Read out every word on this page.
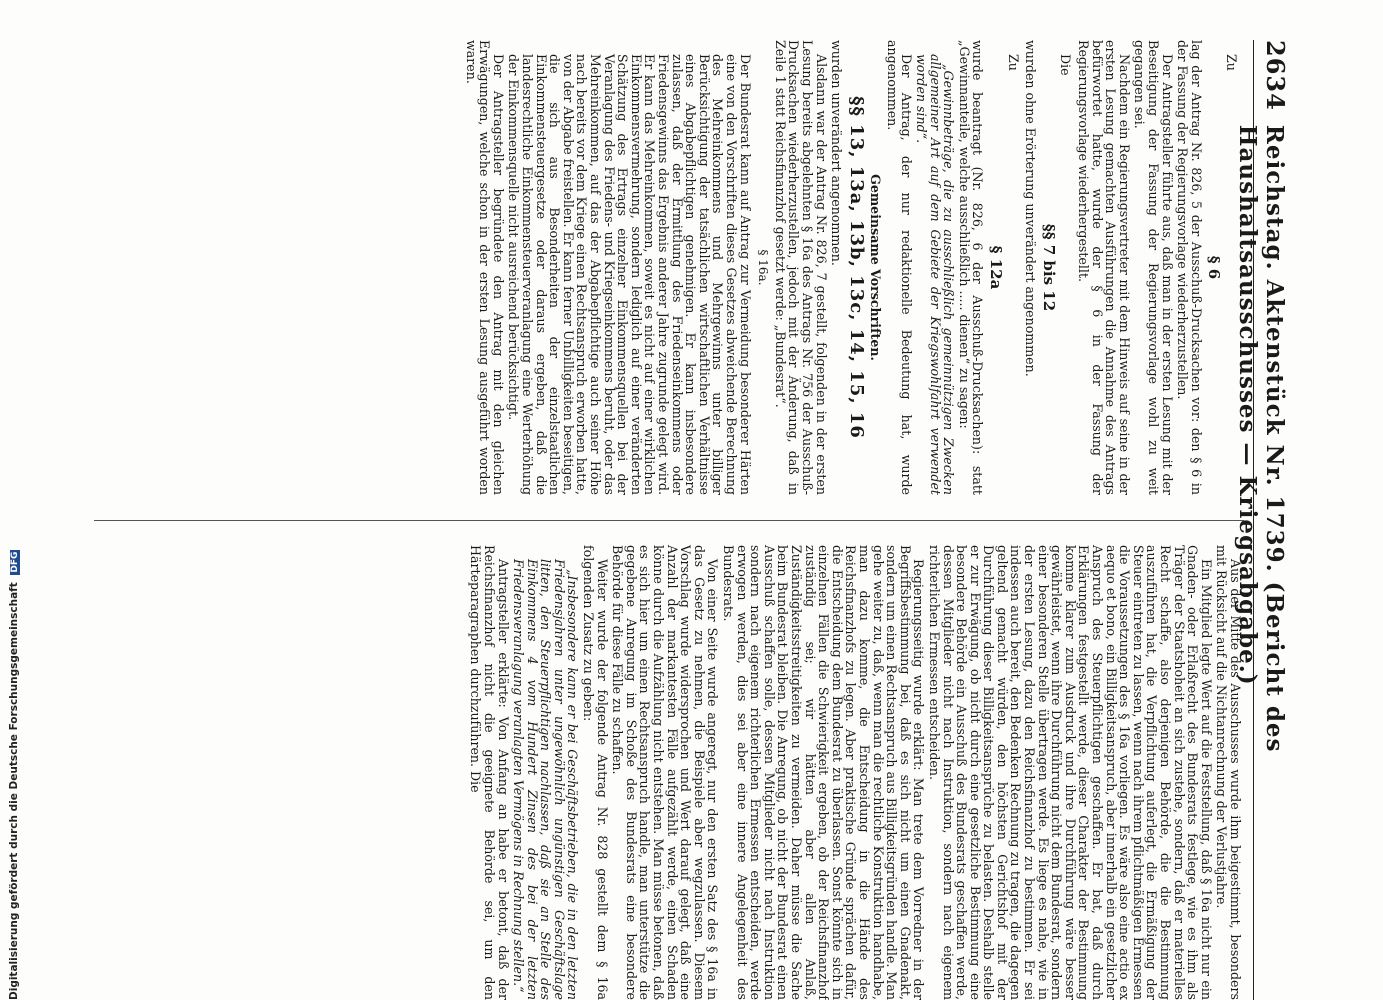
2634
Reichstag. Aktenstück Nr. 1739. (Bericht des Haushaltsausschusses — Kriegsabgabe.)
Zu
§ 6

lag der Antrag Nr. 826, 5 der Ausschuß-Drucksachen vor: den § 6 in der Fassung der Regierungsvorlage wiederherzustellen.

Der Antragsteller führte aus, daß man in der ersten Lesung mit der Beseitigung der Fassung der Regierungsvorlage wohl zu weit gegangen sei.

Nachdem ein Regierungsvertreter mit dem Hinweis auf seine in der ersten Lesung gemachten Ausführungen die Annahme des Antrags befürwortet hatte, wurde der § 6 in der Fassung der Regierungsvorlage wiederhergestellt.

Die
§§ 7 bis 12

wurden ohne Erörterung unverändert angenommen.

Zu
§ 12a

wurde beantragt (Nr. 826, 6 der Ausschuß-Drucksachen): statt „Gewinnanteile, welche ausschließlich ..... dienen“ zu sagen:

„Gewinnbeträge, die zu ausschließlich gemeinnützigen Zwecken allgemeiner Art auf dem Gebiete der Kriegswohlfahrt verwendet worden sind“.

Der Antrag, der nur redaktionelle Bedeutung hat, wurde angenommen.

Gemeinsame Vorschriften.
§§ 13, 13a, 13b, 13c, 14, 15, 16

wurden unverändert angenommen.

Alsdann war der Antrag Nr. 826, 7 gestellt, folgenden in der ersten Lesung bereits abgelehnten § 16a des Antrags Nr. 756 der Ausschuß-Drucksachen wiederherzustellen, jedoch mit der Änderung, daß in Zeile 1 statt Reichsfinanzhof gesetzt werde: „Bundesrat“.

§ 16a.

Der Bundesrat kann auf Antrag zur Vermeidung besonderer Härten eine von den Vorschriften dieses Gesetzes abweichende Berechnung des Mehreinkommens und Mehrgewinns unter billiger Berücksichtigung der tatsächlichen wirtschaftlichen Verhältnisse eines Abgabepflichtigen genehmigen. Er kann insbesondere zulassen, daß der Ermittlung des Friedenseinkommens oder Friedensgewinns das Ergebnis anderer Jahre zugrunde gelegt wird. Er kann das Mehreinkommen, soweit es nicht auf einer wirklichen Einkommensvermehrung, sondern lediglich auf einer veränderten Schätzung des Ertrags einzelner Einkommensquellen bei der Veranlagung des Friedens- und Kriegseinkommens beruht, oder das Mehreinkommen, auf das der Abgabepflichtige auch seiner Höhe nach bereits vor dem Kriege einen Rechtsanspruch erworben hatte, von der Abgabe freistellen. Er kann ferner Unbilligkeiten beseitigen, die sich aus Besonderheiten der einzelstaatlichen Einkommensteuergesetze oder daraus ergeben, daß die landesrechtliche Einkommensteuerveranlagung eine Werterhöhung der Einkommensquelle nicht ausreichend berücksichtigt.

Der Antragsteller begründete den Antrag mit den gleichen Erwägungen, welche schon in der ersten Lesung ausgeführt worden waren.

Aus der Mitte des Ausschusses wurde ihm beigestimmt, besonders mit Rücksicht auf die Nichtanrechnung der Verlustjahre.

Ein Mitglied legte Wert auf die Feststellung, daß § 16a nicht nur ein Gnaden- oder Erlaßrecht des Bundesrats festlege, wie es ihm als Träger der Staatshoheit an sich zustehe, sondern, daß er materielles Recht schaffe, also derjenigen Behörde, die die Bestimmung auszuführen hat, die Verpflichtung auferlegt, die Ermäßigung der Steuer eintreten zu lassen, wenn nach ihrem pflichtmäßigen Ermessen die Voraussetzungen des § 16a vorliegen. Es wäre also eine actio ex aequo et bono, ein Billigkeitsanspruch, aber innerhalb ein gesetzlicher Anspruch des Steuerpflichtigen geschaffen. Er bat, daß durch Erklärungen festgestellt werde, dieser Charakter der Bestimmung komme klarer zum Ausdruck und ihre Durchführung wäre besser gewährleistet, wenn ihre Durchführung nicht dem Bundesrat, sondern einer besonderen Stelle übertragen werde. Es liege es nahe, wie in der ersten Lesung, dazu den Reichsfinanzhof zu bestimmen. Er sei indessen auch bereit, den Bedenken Rechnung zu tragen, die dagegen geltend gemacht würden, den höchsten Gerichtshof mit der Durchführung dieser Billigkeitsansprüche zu belasten. Deshalb stelle er zur Erwägung, ob nicht durch eine gesetzliche Bestimmung eine besondere Behörde ein Ausschuß des Bundesrats geschaffen werde, dessen Mitglieder nicht nach Instruktion, sondern nach eigenem richterlichen Ermessen entscheiden.

Regierungsseitig wurde erklärt: Man trete dem Vorredner in der Begriffsbestimmung bei, daß es sich nicht um einen Gnadenakt, sondern um einen Rechtsanspruch aus Billigkeitsgründen handle. Man gehe weiter zu, daß, wenn man die rechtliche Konstruktion handhabe, man dazu komme, die Entscheidung in die Hände des Reichsfinanzhofs zu legen. Aber praktische Gründe sprächen dafür, die Entscheidung dem Bundesrat zu überlassen. Sonst könnte sich in einzelnen Fällen die Schwierigkeit ergeben, ob der Reichsfinanzhof zuständig sei; wir hätten aber allen Anlaß, Zuständigkeitsstreitigkeiten zu vermeiden. Daher müsse die Sache beim Bundesrat bleiben. Die Anregung, ob nicht der Bundesrat einen Ausschuß schaffen solle, dessen Mitglieder nicht nach Instruktion sondern nach eigenem richterlichen Ermessen entscheiden, werde erwogen werden, dies sei aber eine innere Angelegenheit des Bundesrats.

Von einer Seite wurde angeregt, nur den ersten Satz des § 16a in das Gesetz zu nehmen, die Beispiele aber wegzulassen. Diesem Vorschlag wurde widersprochen und Wert darauf gelegt, daß eine Anzahl der markantesten Fälle aufgezählt werde, einen Schaden könne durch die Aufzählung nicht entstehen. Man müsse betonen, daß es sich hier um einen Rechtsanspruch handle, man unterstütze die gegebene Anregung im Schoße des Bundesrats eine besondere Behörde für diese Fälle zu schaffen.

Weiter wurde der folgende Antrag Nr. 828 gestellt dem § 16a folgenden Zusatz zu geben:

„Insbesondere kann er bei Geschäftsbetrieben, die in den letzten Friedensjahren unter ungewöhnlich ungünstigen Geschäftslage litten, den Steuerpflichtigen nachlassen, daß sie an Stelle des Einkommens 4 vom Hundert Zinsen des bei der letzten Friedensveranlagung veranlagten Vermögens in Rechnung stellen.“

Antragsteller erklärte: Von Anfang an habe er betont, daß der Reichsfinanzhof nicht die geeignete Behörde sei, um den Härteparagraphen durchzuführen. Die

Digitalisierung gefördert durch die Deutsche Forschungsgemeinschaft DFG
